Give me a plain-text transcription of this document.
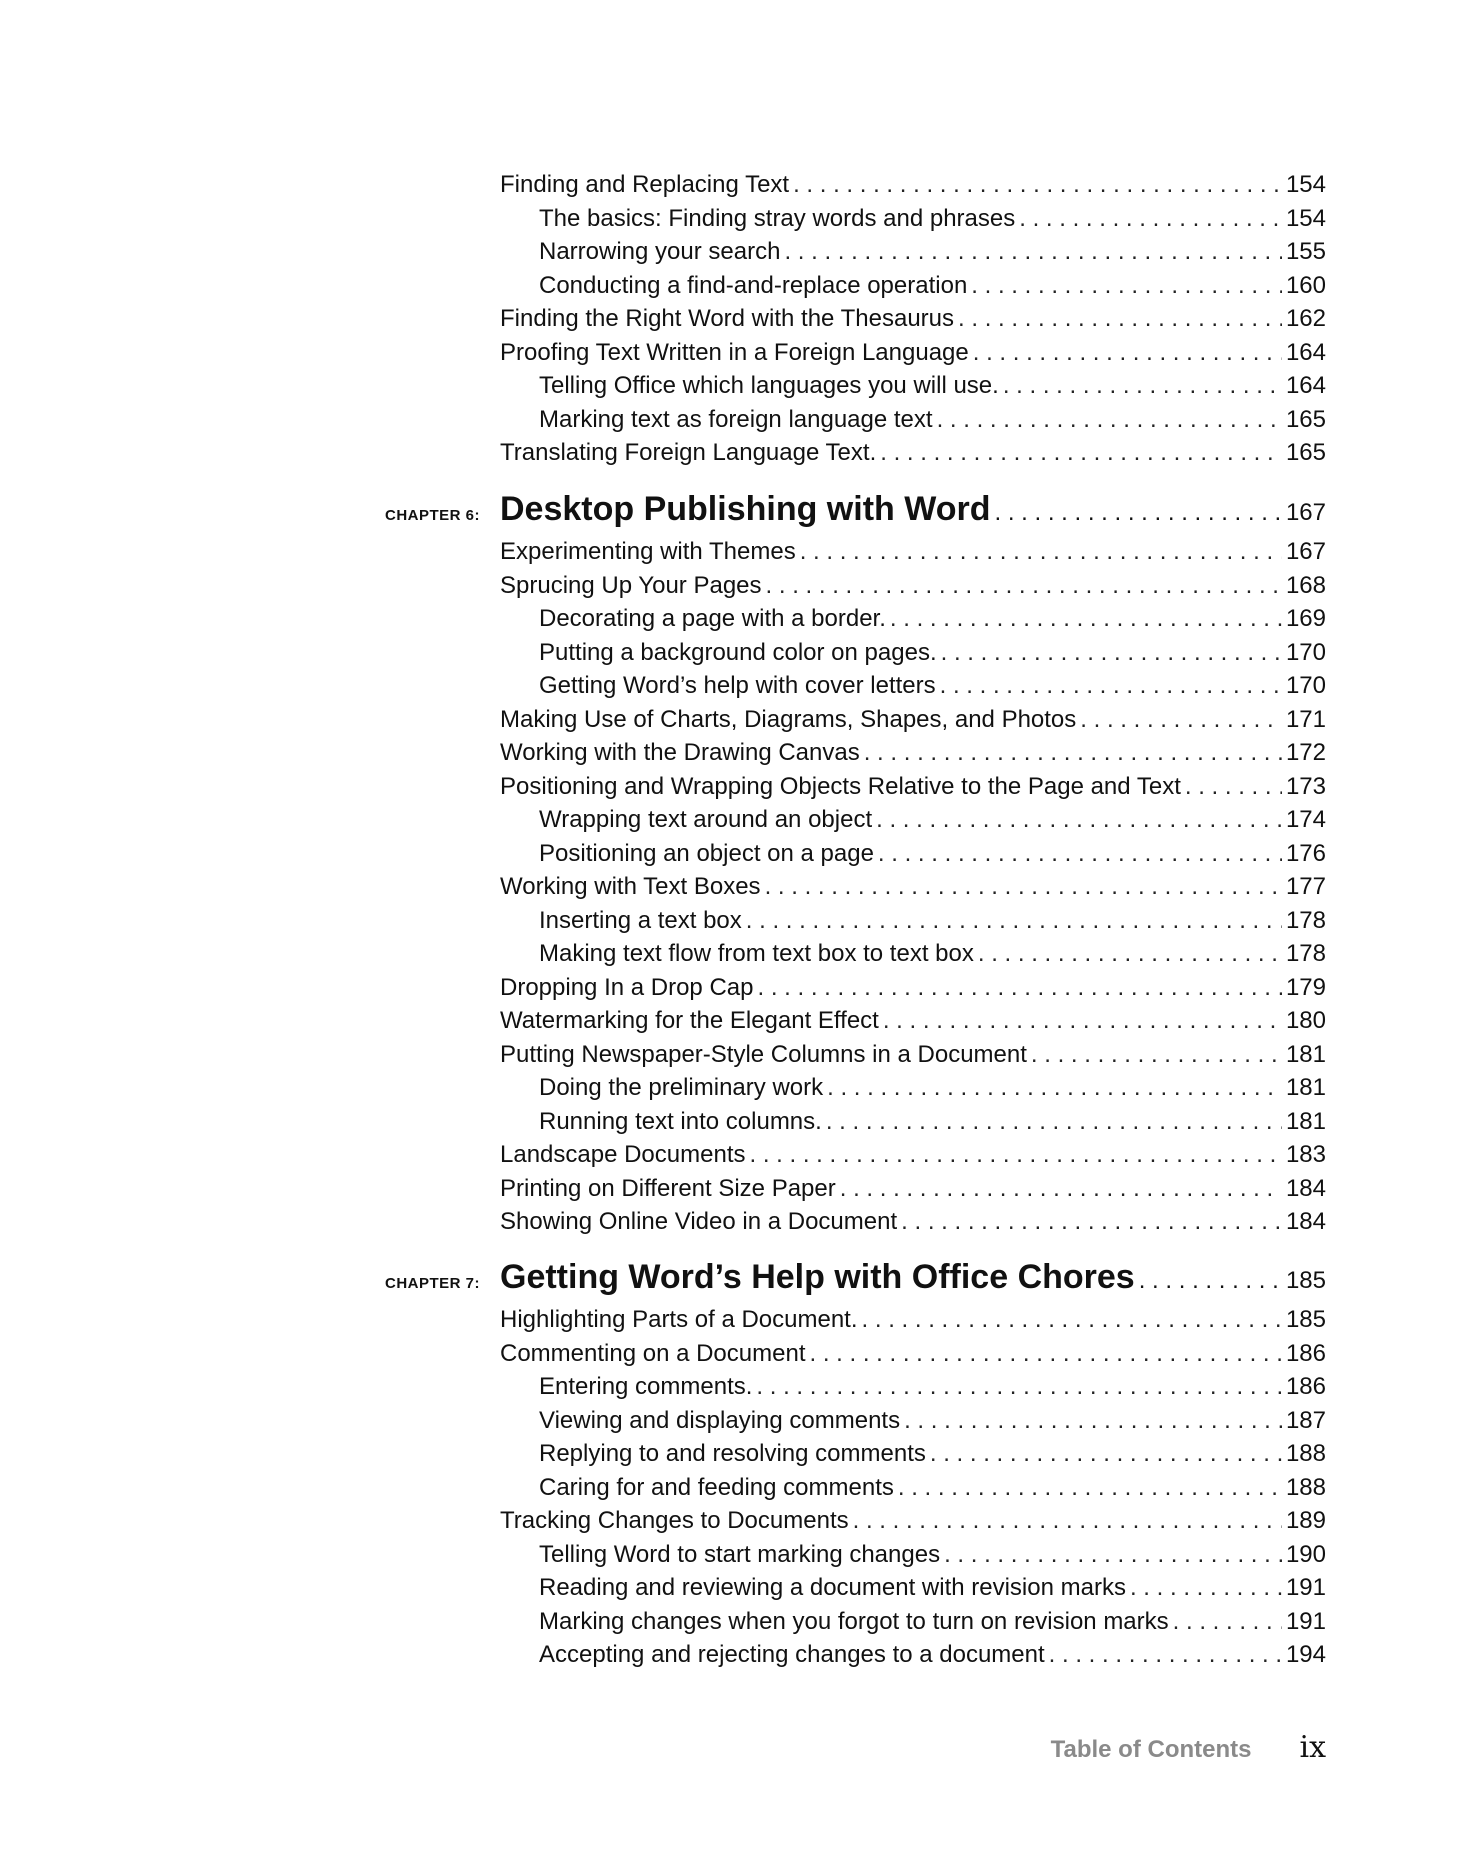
Finding and Replacing Text . . .	154
The basics: Finding stray words and phrases . . .	154
Narrowing your search . . .	155
Conducting a find-and-replace operation . . .	160
Finding the Right Word with the Thesaurus . . .	162
Proofing Text Written in a Foreign Language . . .	164
Telling Office which languages you will use. . . .	164
Marking text as foreign language text . . .	165
Translating Foreign Language Text. . . .	165
CHAPTER 6: Desktop Publishing with Word . . .	167
Experimenting with Themes . . .	167
Sprucing Up Your Pages . . .	168
Decorating a page with a border. . . .	169
Putting a background color on pages. . . .	170
Getting Word’s help with cover letters . . .	170
Making Use of Charts, Diagrams, Shapes, and Photos . . .	171
Working with the Drawing Canvas . . .	172
Positioning and Wrapping Objects Relative to the Page and Text . . .	173
Wrapping text around an object . . .	174
Positioning an object on a page . . .	176
Working with Text Boxes . . .	177
Inserting a text box . . .	178
Making text flow from text box to text box . . .	178
Dropping In a Drop Cap . . .	179
Watermarking for the Elegant Effect . . .	180
Putting Newspaper-Style Columns in a Document . . .	181
Doing the preliminary work . . .	181
Running text into columns. . . .	181
Landscape Documents . . .	183
Printing on Different Size Paper . . .	184
Showing Online Video in a Document . . .	184
CHAPTER 7: Getting Word’s Help with Office Chores . . .	185
Highlighting Parts of a Document. . . .	185
Commenting on a Document . . .	186
Entering comments. . . .	186
Viewing and displaying comments . . .	187
Replying to and resolving comments . . .	188
Caring for and feeding comments . . .	188
Tracking Changes to Documents . . .	189
Telling Word to start marking changes . . .	190
Reading and reviewing a document with revision marks . . .	191
Marking changes when you forgot to turn on revision marks . . .	191
Accepting and rejecting changes to a document . . .	194
Table of Contents ix
